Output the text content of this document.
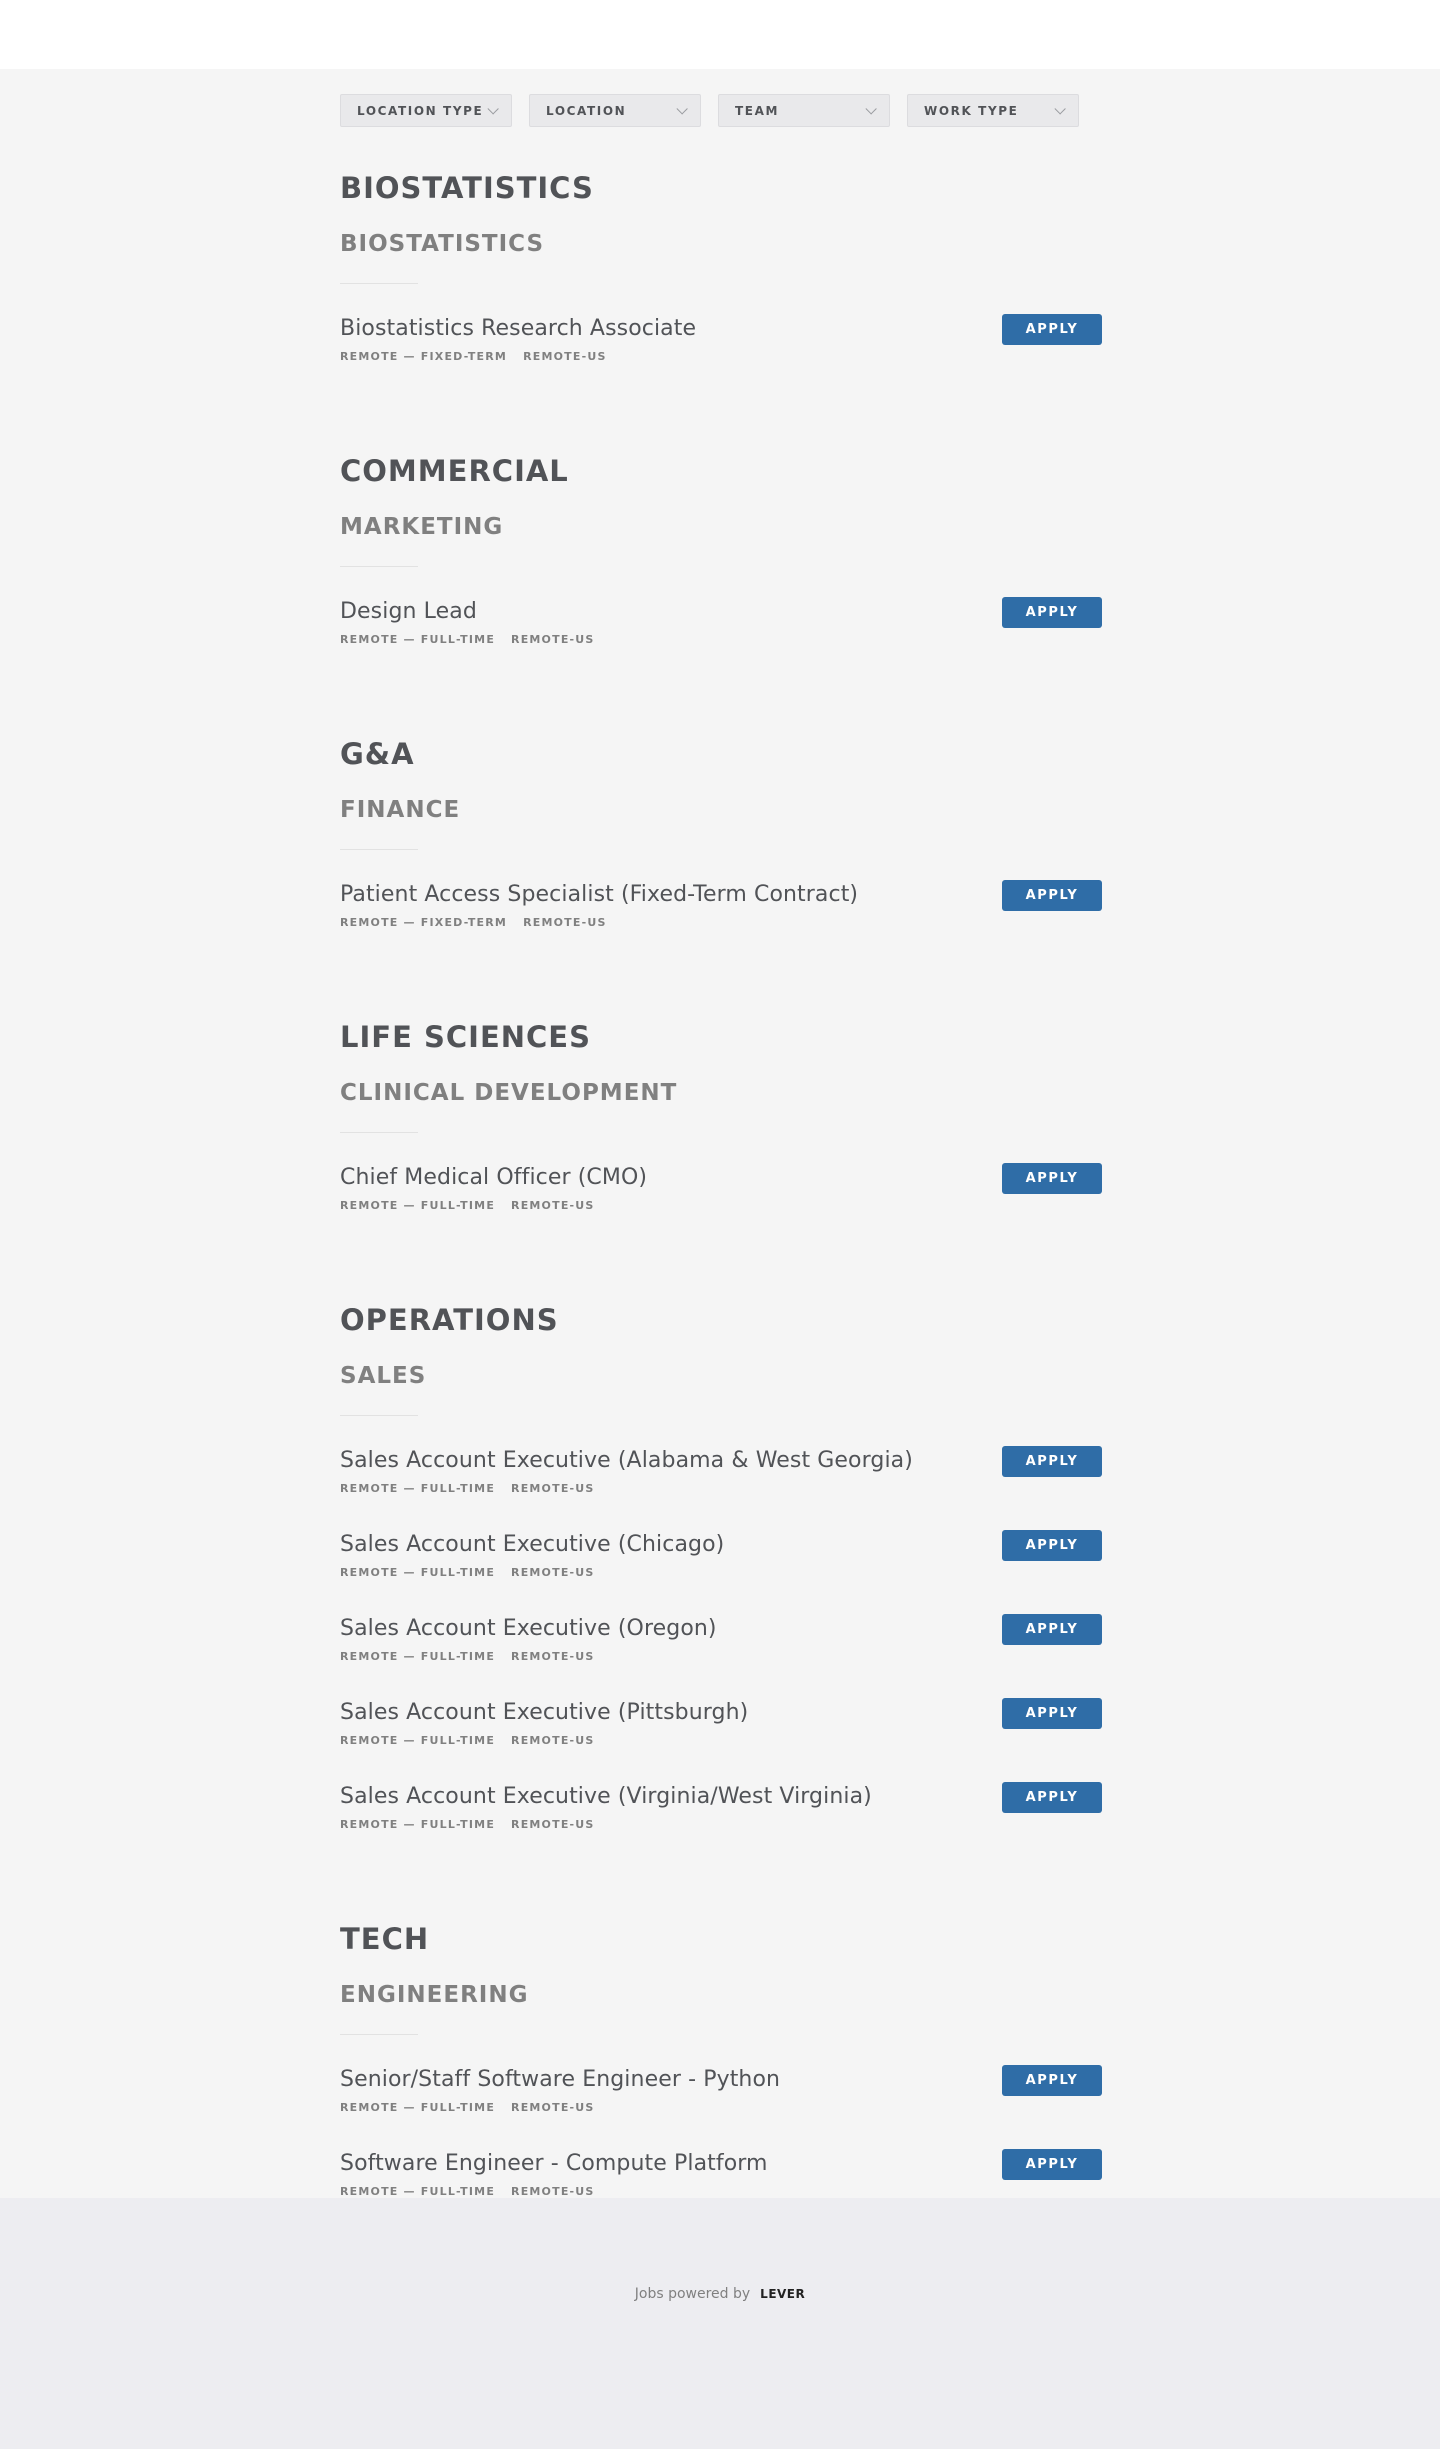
LOCATION TYPE	LOCATION	TEAM	WORK TYPE
BIOSTATISTICS
BIOSTATISTICS
Biostatistics Research Associate
REMOTE — FIXED-TERM REMOTE-US
APPLY
COMMERCIAL
MARKETING
Design Lead
REMOTE — FULL-TIME REMOTE-US
APPLY
G&A
FINANCE
Patient Access Specialist (Fixed-Term Contract)
REMOTE — FIXED-TERM REMOTE-US
APPLY
LIFE SCIENCES
CLINICAL DEVELOPMENT
Chief Medical Officer (CMO)
REMOTE — FULL-TIME REMOTE-US
APPLY
OPERATIONS
SALES
Sales Account Executive (Alabama & West Georgia)
REMOTE — FULL-TIME REMOTE-US
APPLY
Sales Account Executive (Chicago)
REMOTE — FULL-TIME REMOTE-US
APPLY
Sales Account Executive (Oregon)
REMOTE — FULL-TIME REMOTE-US
APPLY
Sales Account Executive (Pittsburgh)
REMOTE — FULL-TIME REMOTE-US
APPLY
Sales Account Executive (Virginia/West Virginia)
REMOTE — FULL-TIME REMOTE-US
APPLY
TECH
ENGINEERING
Senior/Staff Software Engineer - Python
REMOTE — FULL-TIME REMOTE-US
APPLY
Software Engineer - Compute Platform
REMOTE — FULL-TIME REMOTE-US
APPLY
Jobs powered by LEVER
